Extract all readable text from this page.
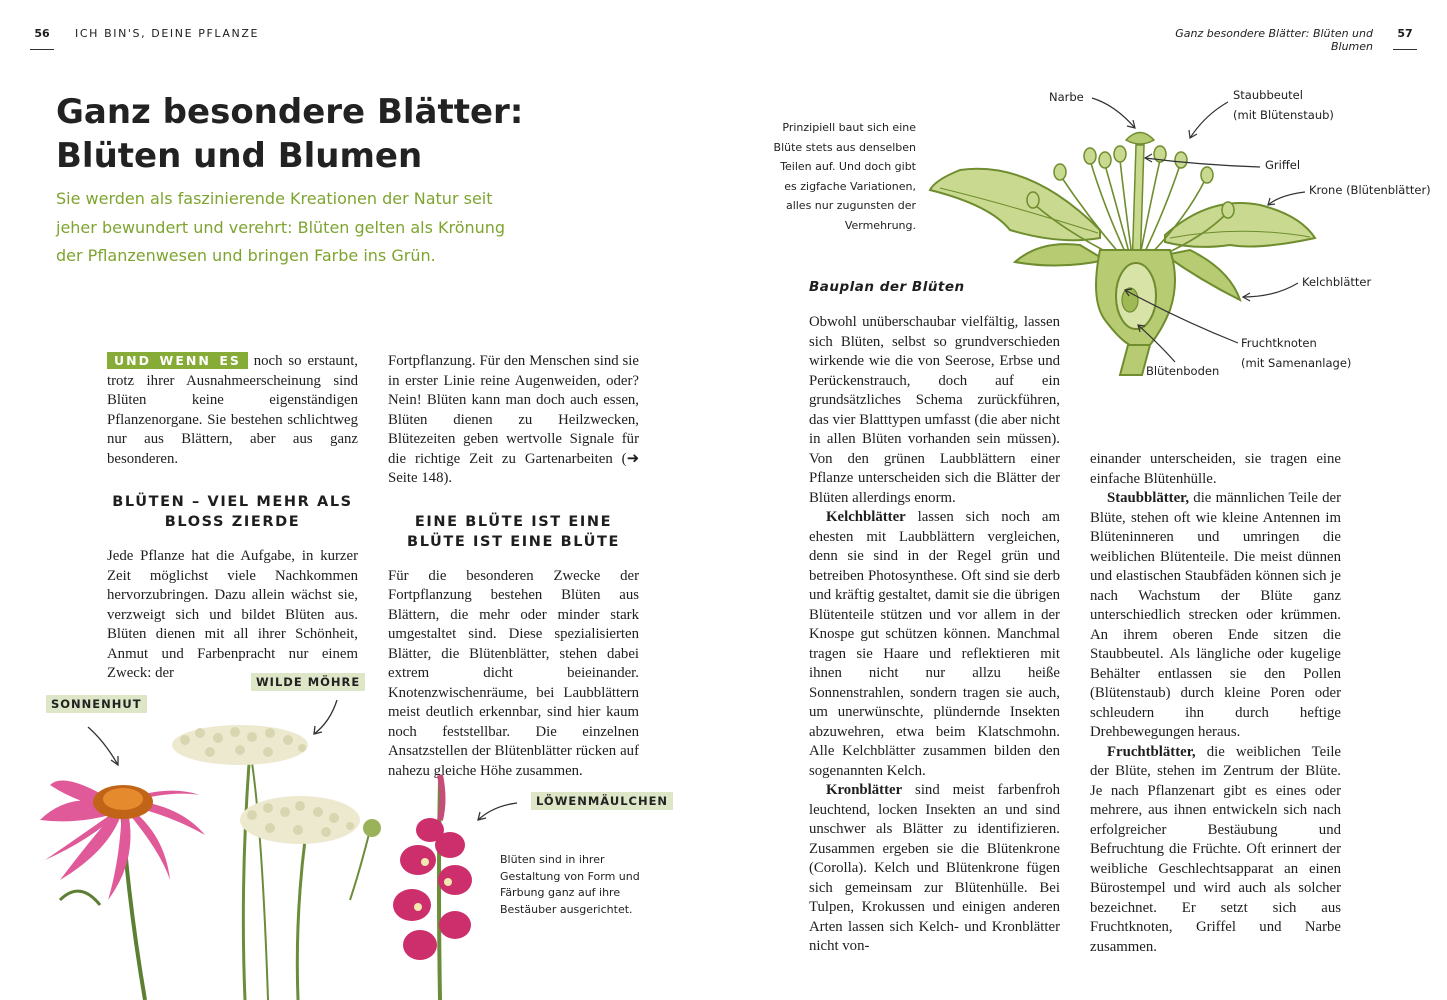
56	ICH BIN'S, DEINE PFLANZE
Ganz besondere Blätter:
Blüten und Blumen
Sie werden als faszinierende Kreationen der Natur seit jeher bewundert und verehrt: Blüten gelten als Krönung der Pflanzenwesen und bringen Farbe ins Grün.

UND WENN ES noch so erstaunt, trotz ihrer Ausnahmeerscheinung sind Blüten keine eigenständigen Pflanzenorgane. Sie bestehen schlichtweg nur aus Blättern, aber aus ganz besonderen.

BLÜTEN – VIEL MEHR ALS BLOSS ZIERDE

Jede Pflanze hat die Aufgabe, in kurzer Zeit möglichst viele Nachkommen hervorzubringen. Dazu allein wächst sie, verzweigt sich und bildet Blüten aus. Blüten dienen mit all ihrer Schönheit, Anmut und Farbenpracht nur einem Zweck: der

Fortpflanzung. Für den Menschen sind sie in erster Linie reine Augenweiden, oder? Nein! Blüten kann man doch auch essen, Blüten dienen zu Heilzwecken, Blütezeiten geben wertvolle Signale für die richtige Zeit zu Gartenarbeiten (➜ Seite 148).

EINE BLÜTE IST EINE BLÜTE IST EINE BLÜTE

Für die besonderen Zwecke der Fortpflanzung bestehen Blüten aus Blättern, die mehr oder minder stark umgestaltet sind. Diese spezialisierten Blätter, die Blütenblätter, stehen dabei extrem dicht beieinander. Knotenzwischenräume, bei Laubblättern meist deutlich erkennbar, sind hier kaum noch feststellbar. Die einzelnen Ansatzstellen der Blütenblätter rücken auf nahezu gleiche Höhe zusammen.

SONNENHUT
WILDE MÖHRE
LÖWENMÄULCHEN
Blüten sind in ihrer Gestaltung von Form und Färbung ganz auf ihre Bestäuber ausgerichtet.
Ganz besondere Blätter: Blüten und Blumen
57
Prinzipiell baut sich eine Blüte stets aus denselben Teilen auf. Und doch gibt es zigfache Variationen, alles nur zugunsten der Vermehrung.
Narbe	Staubbeutel
(mit Blütenstaub)
Griffel
Krone (Blütenblätter)
Kelchblätter
Fruchtknoten
(mit Samenanlage)
Blütenboden
Bauplan der Blüten

Obwohl unüberschaubar vielfältig, lassen sich Blüten, selbst so grundverschieden wirkende wie die von Seerose, Erbse und Perückenstrauch, doch auf ein grundsätzliches Schema zurückführen, das vier Blatttypen umfasst (die aber nicht in allen Blüten vorhanden sein müssen). Von den grünen Laubblättern einer Pflanze unterscheiden sich die Blätter der Blüten allerdings enorm.

Kelchblätter lassen sich noch am ehesten mit Laubblättern vergleichen, denn sie sind in der Regel grün und betreiben Photosynthese. Oft sind sie derb und kräftig gestaltet, damit sie die übrigen Blütenteile stützen und vor allem in der Knospe gut schützen können. Manchmal tragen sie Haare und reflektieren mit ihnen nicht nur allzu heiße Sonnenstrahlen, sondern tragen sie auch, um unerwünschte, plündernde Insekten abzuwehren, etwa beim Klatschmohn. Alle Kelchblätter zusammen bilden den sogenannten Kelch.

Kronblätter sind meist farbenfroh leuchtend, locken Insekten an und sind unschwer als Blätter zu identifizieren. Zusammen ergeben sie die Blütenkrone (Corolla). Kelch und Blütenkrone fügen sich gemeinsam zur Blütenhülle. Bei Tulpen, Krokussen und einigen anderen Arten lassen sich Kelch- und Kronblätter nicht von-

einander unterscheiden, sie tragen eine einfache Blütenhülle.

Staubblätter, die männlichen Teile der Blüte, stehen oft wie kleine Antennen im Blüteninneren und umringen die weiblichen Blütenteile. Die meist dünnen und elastischen Staubfäden können sich je nach Wachstum der Blüte ganz unterschiedlich strecken oder krümmen. An ihrem oberen Ende sitzen die Staubbeutel. Als längliche oder kugelige Behälter entlassen sie den Pollen (Blütenstaub) durch kleine Poren oder schleudern ihn durch heftige Drehbewegungen heraus.

Fruchtblätter, die weiblichen Teile der Blüte, stehen im Zentrum der Blüte. Je nach Pflanzenart gibt es eines oder mehrere, aus ihnen entwickeln sich nach erfolgreicher Bestäubung und Befruchtung die Früchte. Oft erinnert der weibliche Geschlechtsapparat an einen Bürostempel und wird auch als solcher bezeichnet. Er setzt sich aus Fruchtknoten, Griffel und Narbe zusammen.
